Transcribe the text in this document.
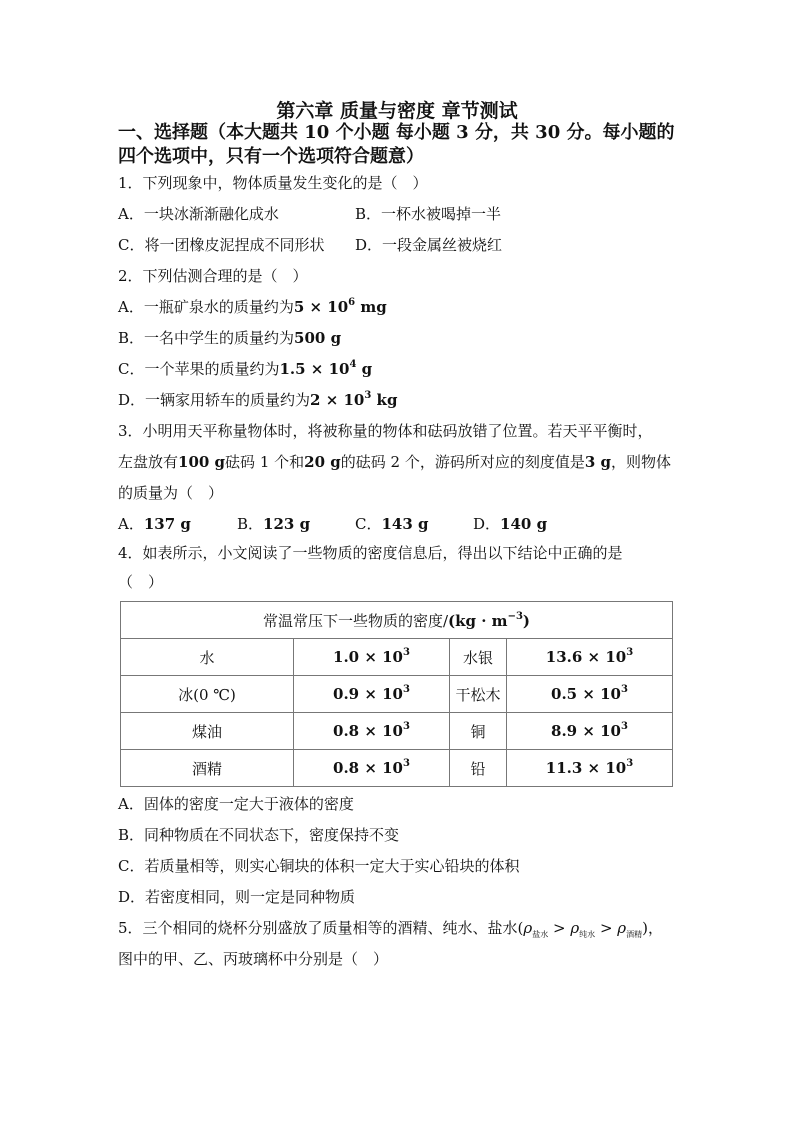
第六章 质量与密度 章节测试
一、选择题（本大题共 10 个小题 每小题 3 分，共 30 分。每小题的
四个选项中，只有一个选项符合题意）
1．下列现象中，物体质量发生变化的是（　）
A．一块冰渐渐融化成水	B．一杯水被喝掉一半
C．将一团橡皮泥捏成不同形状 D．一段金属丝被烧红
2．下列估测合理的是（　）
A．一瓶矿泉水的质量约为$5 \times 10^6$ mg
B．一名中学生的质量约为500 g
C．一个苹果的质量约为$1.5 \times 10^4$ g
D．一辆家用轿车的质量约为$2 \times 10^3$ kg
3．小明用天平称量物体时，将被称量的物体和砝码放错了位置。若天平平衡时，
左盘放有100 g砝码 1 个和20 g的砝码 2 个，游码所对应的刻度值是3 g，则物体
的质量为（　）
A．137 g	B．123 g	C．143 g	D．140 g
4．如表所示，小文阅读了一些物质的密度信息后，得出以下结论中正确的是
（　）
常温常压下一些物质的密度$/(kg \cdot m^{-3})$			
水	$1.0 \times 10^3$	水银	$13.6 \times 10^3$
冰(0 ℃)	$0.9 \times 10^3$	干松木	$0.5 \times 10^3$
煤油	$0.8 \times 10^3$	铜	$8.9 \times 10^3$
酒精	$0.8 \times 10^3$	铅	$11.3 \times 10^3$
A．固体的密度一定大于液体的密度
B．同种物质在不同状态下，密度保持不变
C．若质量相等，则实心铜块的体积一定大于实心铅块的体积
D．若密度相同，则一定是同种物质
5．三个相同的烧杯分别盛放了质量相等的酒精、纯水、盐水$(\rho_{盐水} > \rho_{纯水} > \rho_{酒精})$，
图中的甲、乙、丙玻璃杯中分别是（　）
